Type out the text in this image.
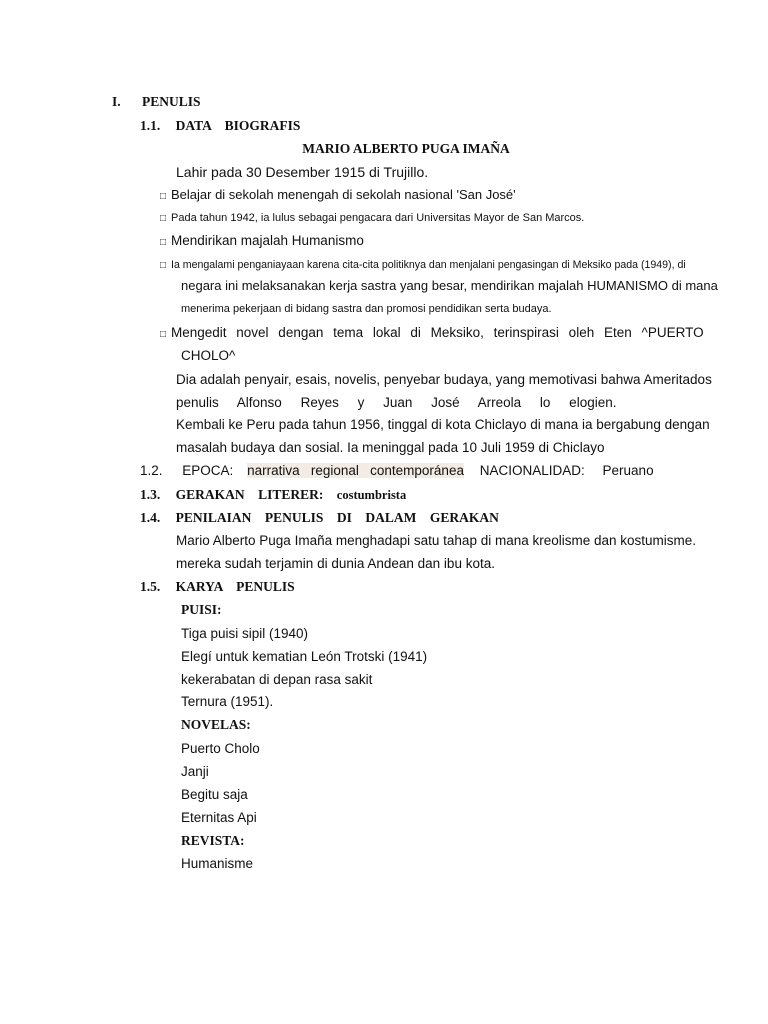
I. PENULIS
1.1. DATA    BIOGRAFIS
MARIO ALBERTO PUGA IMAÑA
Lahir pada 30 Desember 1915 di Trujillo.
□ Belajar di sekolah menengah di sekolah nasional 'San José'
□ Pada tahun 1942, ia lulus sebagai pengacara dari Universitas Mayor de San Marcos.
□ Mendirikan majalah Humanismo
□ Ia mengalami penganiayaan karena cita-cita politiknya dan menjalani pengasingan di Meksiko pada (1949), di
negara ini melaksanakan kerja sastra yang besar, mendirikan majalah HUMANISMO di mana
menerima pekerjaan di bidang sastra dan promosi pendidikan serta budaya.
□ Mengedit novel dengan tema lokal di Meksiko, terinspirasi oleh Eten ^PUERTO
CHOLO^
Dia adalah penyair, esais, novelis, penyebar budaya, yang memotivasi bahwa Ameritados
penulis     Alfonso     Reyes     y     Juan     José     Arreola     lo     elogien.
Kembali ke Peru pada tahun 1956, tinggal di kota Chiclayo di mana ia bergabung dengan
masalah budaya dan sosial. Ia meninggal pada 10 Juli 1959 di Chiclayo
1.2. EPOCA: narrativa   regional   contemporánea NACIONALIDAD: Peruano
1.3. GERAKAN    LITERER: costumbrista
1.4. PENILAIAN    PENULIS    DI    DALAM    GERAKAN
Mario Alberto Puga Imaña menghadapi satu tahap di mana kreolisme dan kostumisme.
mereka sudah terjamin di dunia Andean dan ibu kota.
1.5. KARYA    PENULIS
PUISI:
Tiga puisi sipil (1940)
Elegí untuk kematian León Trotski (1941)
kekerabatan di depan rasa sakit
Ternura (1951).
NOVELAS:
Puerto Cholo
Janji
Begitu saja
Eternitas Api
REVISTA:
Humanisme
